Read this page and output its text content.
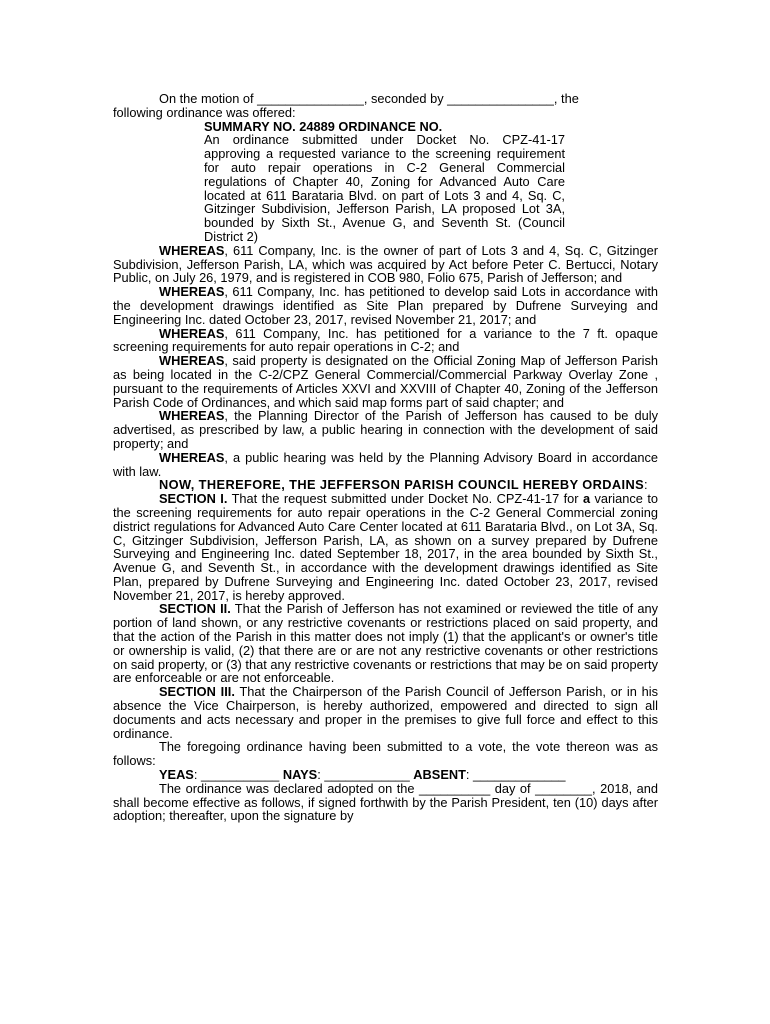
On the motion of _______________, seconded by _______________, the

following ordinance was offered:

SUMMARY NO. 24889 ORDINANCE NO.

An ordinance submitted under Docket No. CPZ-41-17 approving a requested variance to the screening requirement for auto repair operations in C-2 General Commercial regulations of Chapter 40, Zoning for Advanced Auto Care located at 611 Barataria Blvd. on part of Lots 3 and 4, Sq. C, Gitzinger Subdivision, Jefferson Parish, LA proposed Lot 3A, bounded by Sixth St., Avenue G, and Seventh St. (Council District 2)

WHEREAS, 611 Company, Inc. is the owner of part of Lots 3 and 4, Sq. C, Gitzinger Subdivision, Jefferson Parish, LA, which was acquired by Act before Peter C. Bertucci, Notary Public, on July 26, 1979, and is registered in COB 980, Folio 675, Parish of Jefferson; and

WHEREAS, 611 Company, Inc. has petitioned to develop said Lots in accordance with the development drawings identified as Site Plan prepared by Dufrene Surveying and Engineering Inc. dated October 23, 2017, revised November 21, 2017; and

WHEREAS, 611 Company, Inc. has petitioned for a variance to the 7 ft. opaque screening requirements for auto repair operations in C-2; and

WHEREAS, said property is designated on the Official Zoning Map of Jefferson Parish as being located in the C-2/CPZ General Commercial/Commercial Parkway Overlay Zone , pursuant to the requirements of Articles XXVI and XXVIII of Chapter 40, Zoning of the Jefferson Parish Code of Ordinances, and which said map forms part of said chapter; and

WHEREAS, the Planning Director of the Parish of Jefferson has caused to be duly advertised, as prescribed by law, a public hearing in connection with the development of said property; and

WHEREAS, a public hearing was held by the Planning Advisory Board in accordance with law.

NOW, THEREFORE, THE JEFFERSON PARISH COUNCIL HEREBY ORDAINS:

SECTION I. That the request submitted under Docket No. CPZ-41-17 for a variance to the screening requirements for auto repair operations in the C-2 General Commercial zoning district regulations for Advanced Auto Care Center located at 611 Barataria Blvd., on Lot 3A, Sq. C, Gitzinger Subdivision, Jefferson Parish, LA, as shown on a survey prepared by Dufrene Surveying and Engineering Inc. dated September 18, 2017, in the area bounded by Sixth St., Avenue G, and Seventh St., in accordance with the development drawings identified as Site Plan, prepared by Dufrene Surveying and Engineering Inc. dated October 23, 2017, revised November 21, 2017, is hereby approved.

SECTION II. That the Parish of Jefferson has not examined or reviewed the title of any portion of land shown, or any restrictive covenants or restrictions placed on said property, and that the action of the Parish in this matter does not imply (1) that the applicant's or owner's title or ownership is valid, (2) that there are or are not any restrictive covenants or other restrictions on said property, or (3) that any restrictive covenants or restrictions that may be on said property are enforceable or are not enforceable.

SECTION III. That the Chairperson of the Parish Council of Jefferson Parish, or in his absence the Vice Chairperson, is hereby authorized, empowered and directed to sign all documents and acts necessary and proper in the premises to give full force and effect to this ordinance.

The foregoing ordinance having been submitted to a vote, the vote thereon was as follows:

YEAS: ___________ NAYS: ____________ ABSENT: _____________

The ordinance was declared adopted on the __________ day of ________, 2018, and shall become effective as follows, if signed forthwith by the Parish President, ten (10) days after adoption; thereafter, upon the signature by
